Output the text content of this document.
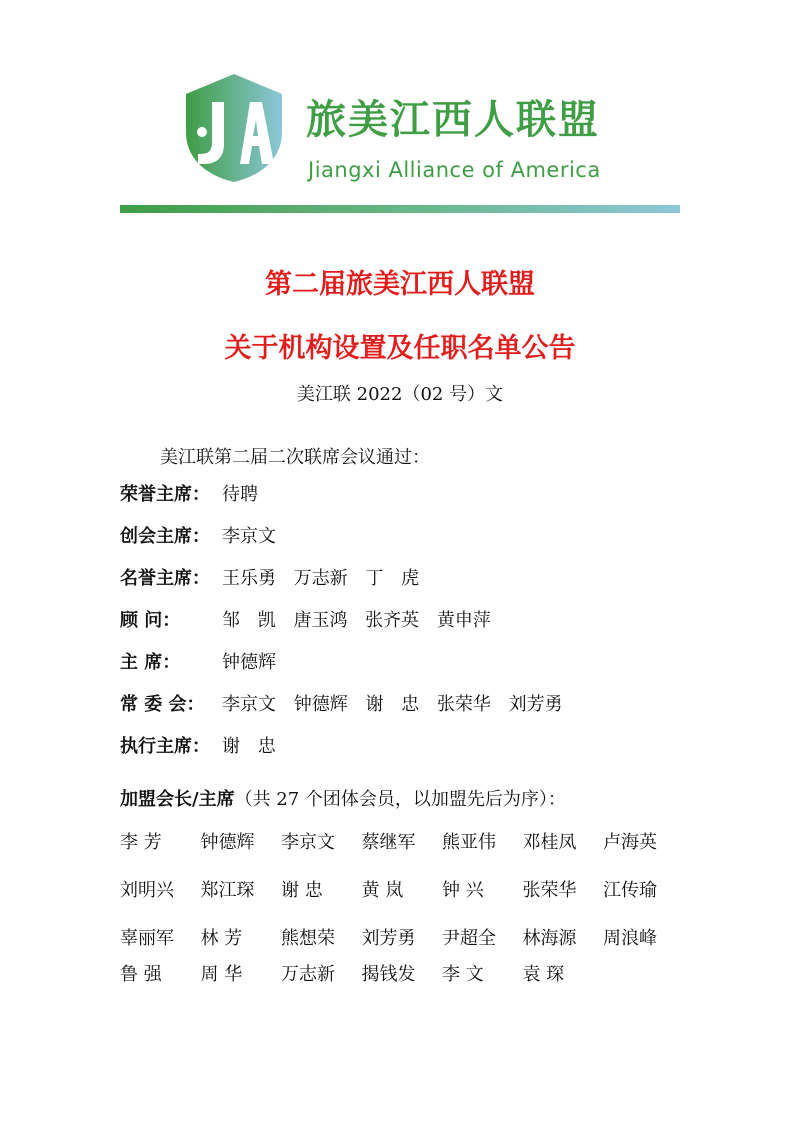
旅美江西人联盟
Jiangxi Alliance of America
第二届旅美江西人联盟
关于机构设置及任职名单公告
美江联 2022（02 号）文
美江联第二届二次联席会议通过：
荣誉主席： 待聘
创会主席： 李京文
名誉主席： 王乐勇 万志新 丁 虎
顾 问：	邹 凯 唐玉鸿 张齐英 黄申萍
主 席：	钟德辉
常 委 会： 李京文 钟德辉 谢 忠 张荣华 刘芳勇
执行主席： 谢 忠
加盟会长/主席（共 27 个团体会员，以加盟先后为序）：
李 芳	钟德辉	李京文	蔡继军	熊亚伟	邓桂凤	卢海英
刘明兴	郑江琛	谢 忠	黄 岚	钟 兴	张荣华	江传瑜
辜丽军	林 芳	熊想荣	刘芳勇	尹超全	林海源	周浪峰
鲁 强	周 华	万志新	揭钱发	李 文	袁 琛
